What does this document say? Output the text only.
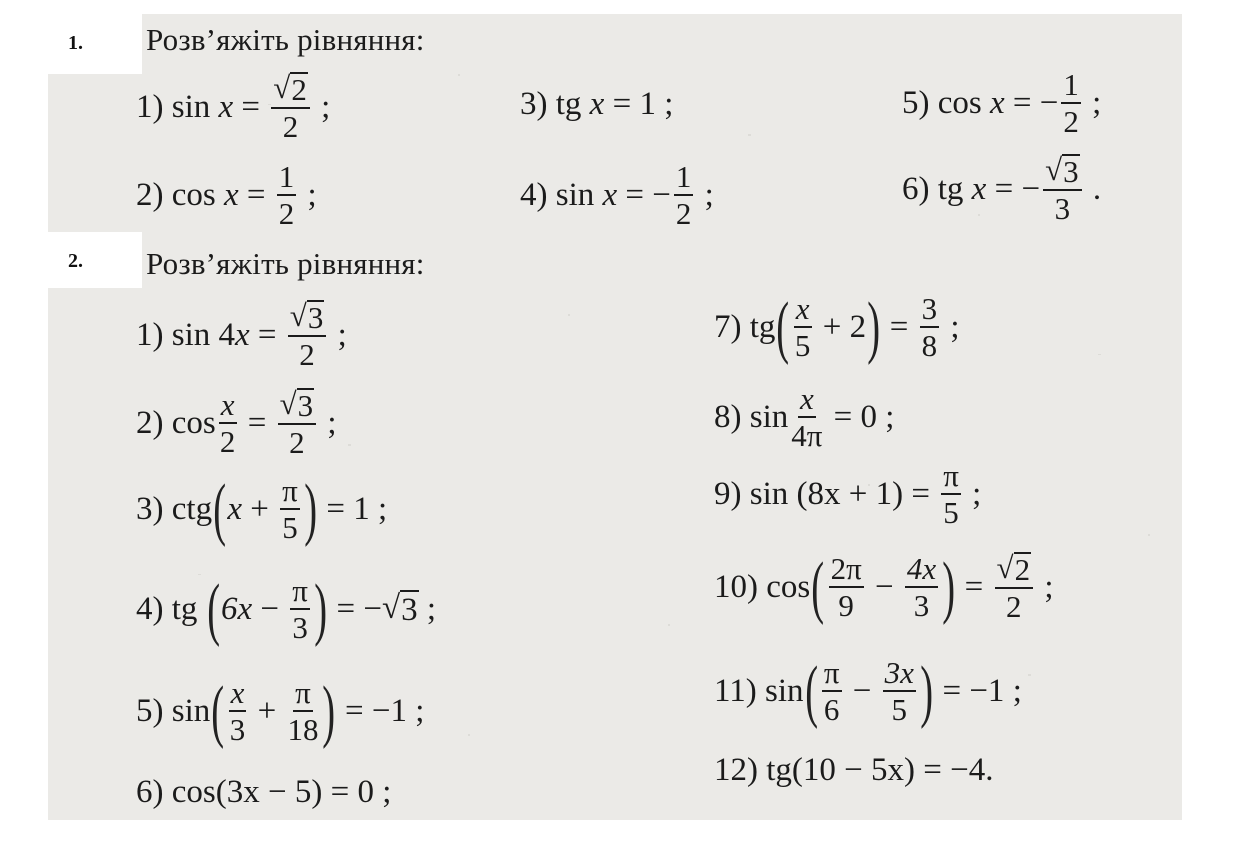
1. Розв’яжіть рівняння:
2. Розв’яжіть рівняння:
1)
sin
$x = \frac{√ 2}{2}$ ;
2)
cos
$x = \frac{1}{2}$ ;
3)
tg
x = 1 ;
4)
sin
x = − $\frac{1}{2}$ ;
5)
cos
x = − $\frac{1}{2}$ ;
6)
tg
x = − $\frac{√ 3}{3}$ .
1)
sin 4 $x = \frac{√ 3}{2}$ ;
2)
$\cos \frac{x}{2} = \frac{√ 3}{2}$ ;
3)
ctg ( $x + \frac{\pi}{5}$ ) = 1 ;
4)
tg
( $6x - \frac{\pi}{3}$ ) = − √ 3 ;
5)
sin ( $\frac{x}{3} + \frac{\pi}{18}$ ) = −1 ;
6)
cos(3x − 5) = 0 ;
7)
tg ( $\frac{x}{5} + 2$ ) = $\frac{3}{8}$ ;
8)
$\sin \frac{x}{4\pi} = 0$ ;
9)
$\sin (8x + 1) = \frac{\pi}{5}$ ;
10)
cos ( $\frac{2\pi}{9} - \frac{4x}{3}$ ) = $\frac{√ 2}{2}$ ;
11)
sin ( $\frac{\pi}{6} - \frac{3x}{5}$ ) = −1 ;
12)
tg(10 − 5x) = −4 .
